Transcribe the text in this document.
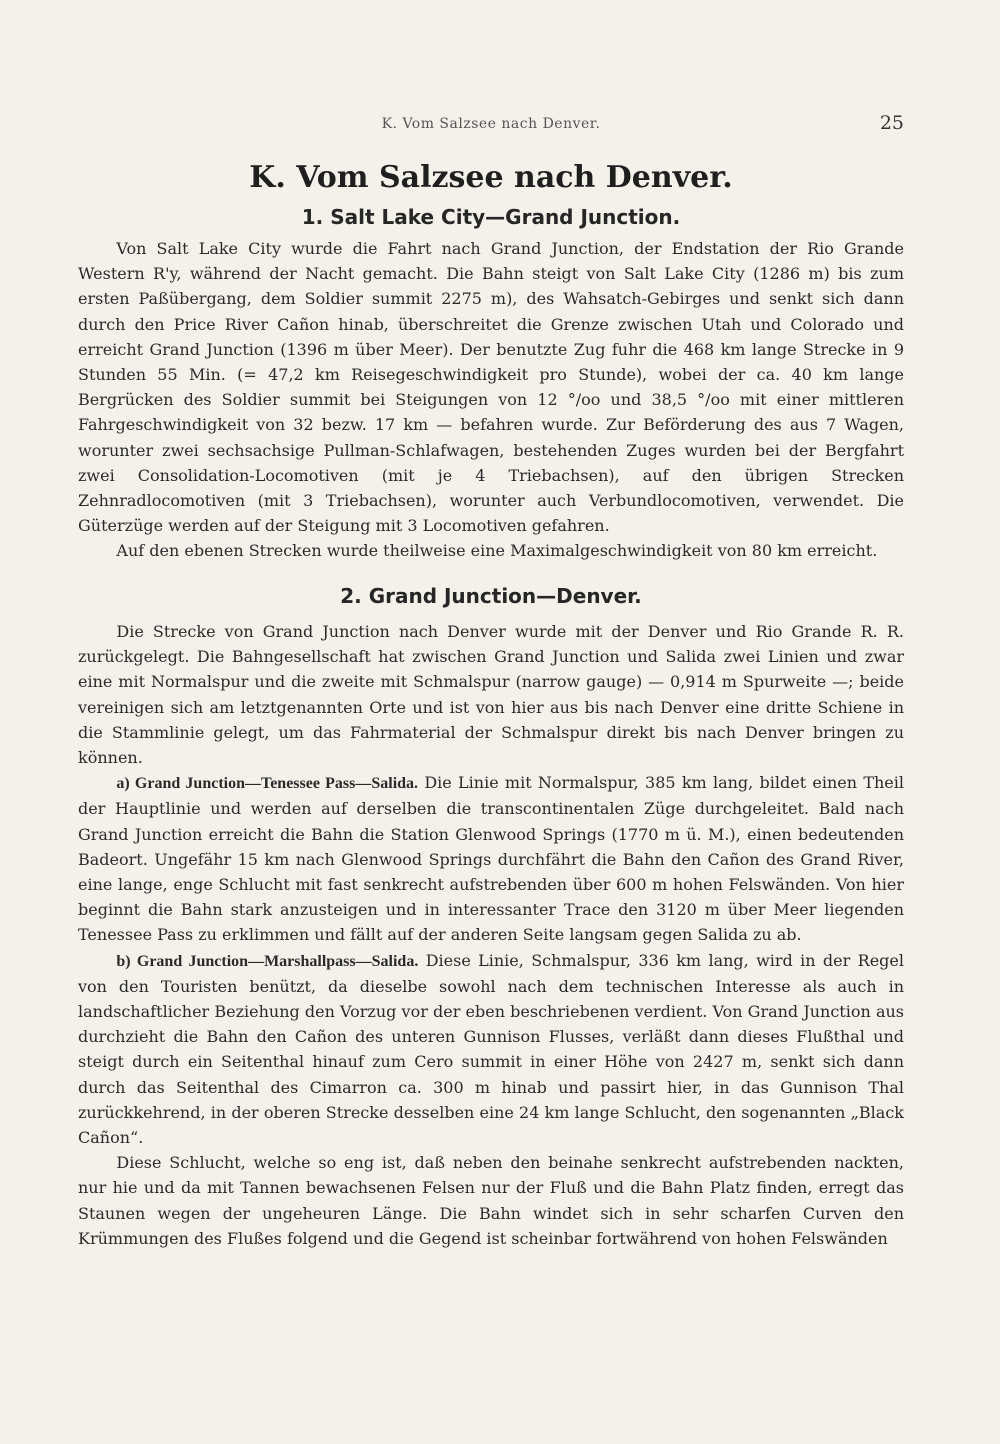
K. Vom Salzsee nach Denver.	25
K. Vom Salzsee nach Denver.
1. Salt Lake City—Grand Junction.

Von Salt Lake City wurde die Fahrt nach Grand Junction, der Endstation der Rio Grande Western R'y, während der Nacht gemacht. Die Bahn steigt von Salt Lake City (1286 m) bis zum ersten Paßübergang, dem Soldier summit 2275 m), des Wahsatch-Gebirges und senkt sich dann durch den Price River Cañon hinab, überschreitet die Grenze zwischen Utah und Colorado und erreicht Grand Junction (1396 m über Meer). Der benutzte Zug fuhr die 468 km lange Strecke in 9 Stunden 55 Min. (= 47,2 km Reisegeschwindigkeit pro Stunde), wobei der ca. 40 km lange Bergrücken des Soldier summit bei Steigungen von 12 °/oo und 38,5 °/oo mit einer mittleren Fahrgeschwindigkeit von 32 bezw. 17 km — befahren wurde. Zur Beförderung des aus 7 Wagen, worunter zwei sechsachsige Pullman-Schlafwagen, bestehenden Zuges wurden bei der Bergfahrt zwei Consolidation-Locomotiven (mit je 4 Triebachsen), auf den übrigen Strecken Zehnradlocomotiven (mit 3 Triebachsen), worunter auch Verbundlocomotiven, verwendet. Die Güterzüge werden auf der Steigung mit 3 Locomotiven gefahren.

Auf den ebenen Strecken wurde theilweise eine Maximalgeschwindigkeit von 80 km erreicht.

2. Grand Junction—Denver.

Die Strecke von Grand Junction nach Denver wurde mit der Denver und Rio Grande R. R. zurückgelegt. Die Bahngesellschaft hat zwischen Grand Junction und Salida zwei Linien und zwar eine mit Normalspur und die zweite mit Schmalspur (narrow gauge) — 0,914 m Spurweite —; beide vereinigen sich am letztgenannten Orte und ist von hier aus bis nach Denver eine dritte Schiene in die Stammlinie gelegt, um das Fahrmaterial der Schmalspur direkt bis nach Denver bringen zu können.

a) Grand Junction—Tenessee Pass—Salida. Die Linie mit Normalspur, 385 km lang, bildet einen Theil der Hauptlinie und werden auf derselben die transcontinentalen Züge durchgeleitet. Bald nach Grand Junction erreicht die Bahn die Station Glenwood Springs (1770 m ü. M.), einen bedeutenden Badeort. Ungefähr 15 km nach Glenwood Springs durchfährt die Bahn den Cañon des Grand River, eine lange, enge Schlucht mit fast senkrecht aufstrebenden über 600 m hohen Felswänden. Von hier beginnt die Bahn stark anzusteigen und in interessanter Trace den 3120 m über Meer liegenden Tenessee Pass zu erklimmen und fällt auf der anderen Seite langsam gegen Salida zu ab.

b) Grand Junction—Marshallpass—Salida. Diese Linie, Schmalspur, 336 km lang, wird in der Regel von den Touristen benützt, da dieselbe sowohl nach dem technischen Interesse als auch in landschaftlicher Beziehung den Vorzug vor der eben beschriebenen verdient. Von Grand Junction aus durchzieht die Bahn den Cañon des unteren Gunnison Flusses, verläßt dann dieses Flußthal und steigt durch ein Seitenthal hinauf zum Cero summit in einer Höhe von 2427 m, senkt sich dann durch das Seitenthal des Cimarron ca. 300 m hinab und passirt hier, in das Gunnison Thal zurückkehrend, in der oberen Strecke desselben eine 24 km lange Schlucht, den sogenannten „Black Cañon“.

Diese Schlucht, welche so eng ist, daß neben den beinahe senkrecht aufstrebenden nackten, nur hie und da mit Tannen bewachsenen Felsen nur der Fluß und die Bahn Platz finden, erregt das Staunen wegen der ungeheuren Länge. Die Bahn windet sich in sehr scharfen Curven den Krümmungen des Flußes folgend und die Gegend ist scheinbar fortwährend von hohen Felswänden
